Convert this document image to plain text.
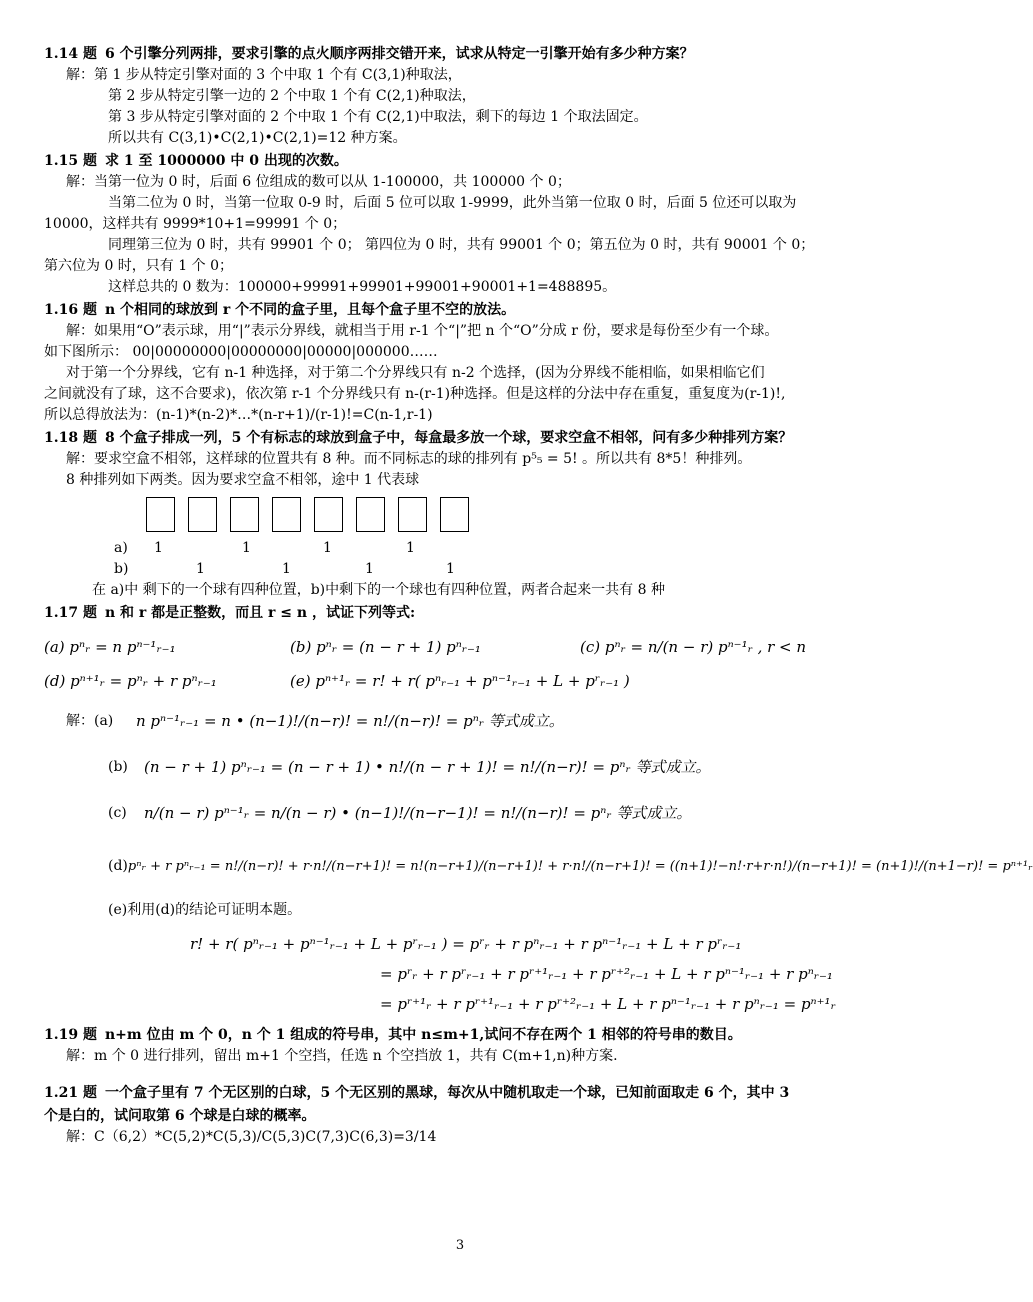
1.14 题 6 个引擎分列两排，要求引擎的点火顺序两排交错开来，试求从特定一引擎开始有多少种方案？
解：第 1 步从特定引擎对面的 3 个中取 1 个有 C(3,1)种取法，
第 2 步从特定引擎一边的 2 个中取 1 个有 C(2,1)种取法，
第 3 步从特定引擎对面的 2 个中取 1 个有 C(2,1)中取法，剩下的每边 1 个取法固定。
所以共有 C(3,1)•C(2,1)•C(2,1)=12 种方案。
1.15 题 求 1 至 1000000 中 0 出现的次数。
解：当第一位为 0 时，后面 6 位组成的数可以从 1-100000，共 100000 个 0；
当第二位为 0 时，当第一位取 0-9 时，后面 5 位可以取 1-9999，此外当第一位取 0 时，后面 5 位还可以取为
10000，这样共有 9999*10+1=99991 个 0；
同理第三位为 0 时，共有 99901 个 0； 第四位为 0 时，共有 99001 个 0；第五位为 0 时，共有 90001 个 0；
第六位为 0 时，只有 1 个 0；
这样总共的 0 数为：100000+99991+99901+99001+90001+1=488895。
1.16 题 n 个相同的球放到 r 个不同的盒子里，且每个盒子里不空的放法。
解：如果用“O”表示球，用“|”表示分界线，就相当于用 r-1 个“|”把 n 个“O”分成 r 份，要求是每份至少有一个球。
如下图所示： 00|00000000|00000000|00000|000000……
对于第一个分界线，它有 n-1 种选择，对于第二个分界线只有 n-2 个选择，(因为分界线不能相临，如果相临它们
之间就没有了球，这不合要求)，依次第 r-1 个分界线只有 n-(r-1)种选择。但是这样的分法中存在重复，重复度为(r-1)!,
所以总得放法为：(n-1)*(n-2)*…*(n-r+1)/(r-1)!=C(n-1,r-1)
1.18 题 8 个盒子排成一列，5 个有标志的球放到盒子中，每盒最多放一个球，要求空盒不相邻，问有多少种排列方案？
解：要求空盒不相邻，这样球的位置共有 8 种。而不同标志的球的排列有 p⁵₅ = 5! 。所以共有 8*5！种排列。
8 种排列如下两类。因为要求空盒不相邻，途中 1 代表球
a)	1	1	1	1
b)	1	1	1	1
在 a)中 剩下的一个球有四种位置，b)中剩下的一个球也有四种位置，两者合起来一共有 8 种
1.17 题 n 和 r 都是正整数，而且 r ≤ n ，试证下列等式:
(a) pⁿᵣ = n pⁿ⁻¹ᵣ₋₁	(b) pⁿᵣ = (n − r + 1) pⁿᵣ₋₁	(c) pⁿᵣ = n/(n − r) pⁿ⁻¹ᵣ , r < n
(d) pⁿ⁺¹ᵣ = pⁿᵣ + r pⁿᵣ₋₁	(e) pⁿ⁺¹ᵣ = r! + r( pⁿᵣ₋₁ + pⁿ⁻¹ᵣ₋₁ + L + pʳᵣ₋₁ )
解：(a)	n pⁿ⁻¹ᵣ₋₁ = n • (n−1)!/(n−r)! = n!/(n−r)! = pⁿᵣ 等式成立。
(b)	(n − r + 1) pⁿᵣ₋₁ = (n − r + 1) • n!/(n − r + 1)! = n!/(n−r)! = pⁿᵣ 等式成立。
(c)	n/(n − r) pⁿ⁻¹ᵣ = n/(n − r) • (n−1)!/(n−r−1)! = n!/(n−r)! = pⁿᵣ 等式成立。
(d) pⁿᵣ + r pⁿᵣ₋₁ = n!/(n−r)! + r·n!/(n−r+1)! = n!(n−r+1)/(n−r+1)! + r·n!/(n−r+1)! = ((n+1)!−n!·r+r·n!)/(n−r+1)! = (n+1)!/(n+1−r)! = pⁿ⁺¹ᵣ
(e)利用(d)的结论可证明本题。
r! + r( pⁿᵣ₋₁ + pⁿ⁻¹ᵣ₋₁ + L + pʳᵣ₋₁ ) = pʳᵣ + r pⁿᵣ₋₁ + r pⁿ⁻¹ᵣ₋₁ + L + r pʳᵣ₋₁
= pʳᵣ + r pʳᵣ₋₁ + r pʳ⁺¹ᵣ₋₁ + r pʳ⁺²ᵣ₋₁ + L + r pⁿ⁻¹ᵣ₋₁ + r pⁿᵣ₋₁
= pʳ⁺¹ᵣ + r pʳ⁺¹ᵣ₋₁ + r pʳ⁺²ᵣ₋₁ + L + r pⁿ⁻¹ᵣ₋₁ + r pⁿᵣ₋₁ = pⁿ⁺¹ᵣ
1.19 题 n+m 位由 m 个 0，n 个 1 组成的符号串，其中 n≤m+1,试问不存在两个 1 相邻的符号串的数目。
解：m 个 0 进行排列，留出 m+1 个空挡，任选 n 个空挡放 1，共有 C(m+1,n)种方案.
1.21 题 一个盒子里有 7 个无区别的白球，5 个无区别的黑球，每次从中随机取走一个球，已知前面取走 6 个，其中 3
个是白的，试问取第 6 个球是白球的概率。
解：C（6,2）*C(5,2)*C(5,3)/C(5,3)C(7,3)C(6,3)=3/14
3
